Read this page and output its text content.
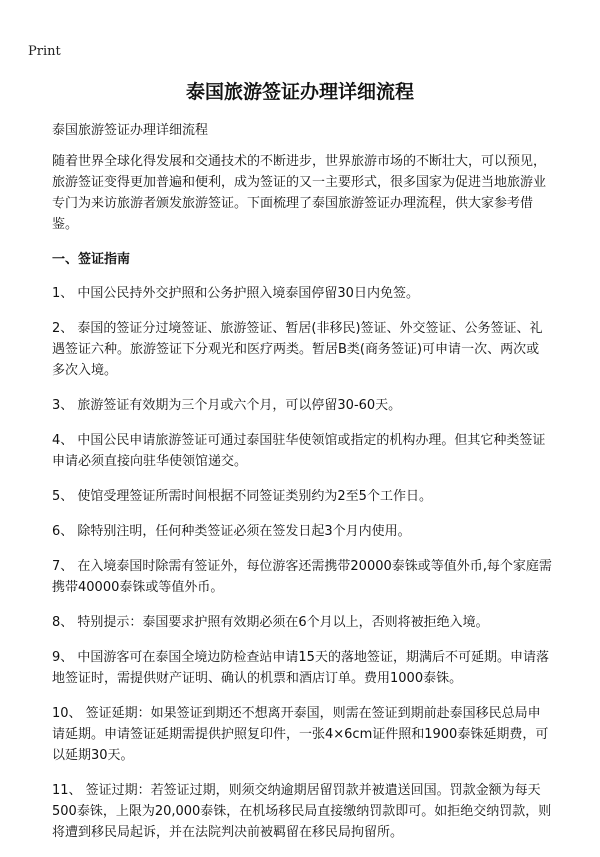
Print
泰国旅游签证办理详细流程

泰国旅游签证办理详细流程

随着世界全球化得发展和交通技术的不断进步，世界旅游市场的不断壮大，可以预见，旅游签证变得更加普遍和便利，成为签证的又一主要形式，很多国家为促进当地旅游业专门为来访旅游者颁发旅游签证。下面梳理了泰国旅游签证办理流程，供大家参考借鉴。

一、签证指南

1、 中国公民持外交护照和公务护照入境泰国停留30日内免签。

2、 泰国的签证分过境签证、旅游签证、暂居(非移民)签证、外交签证、公务签证、礼遇签证六种。旅游签证下分观光和医疗两类。暂居B类(商务签证)可申请一次、两次或多次入境。

3、 旅游签证有效期为三个月或六个月，可以停留30-60天。

4、 中国公民申请旅游签证可通过泰国驻华使领馆或指定的机构办理。但其它种类签证申请必须直接向驻华使领馆递交。

5、 使馆受理签证所需时间根据不同签证类别约为2至5个工作日。

6、 除特别注明，任何种类签证必须在签发日起3个月内使用。

7、 在入境泰国时除需有签证外，每位游客还需携带20000泰铢或等值外币,每个家庭需携带40000泰铢或等值外币。

8、 特别提示：泰国要求护照有效期必须在6个月以上，否则将被拒绝入境。

9、 中国游客可在泰国全境边防检查站申请15天的落地签证，期满后不可延期。申请落地签证时，需提供财产证明、确认的机票和酒店订单。费用1000泰铢。

10、 签证延期：如果签证到期还不想离开泰国，则需在签证到期前赴泰国移民总局申请延期。申请签证延期需提供护照复印件，一张4×6cm证件照和1900泰铢延期费，可以延期30天。

11、 签证过期：若签证过期，则须交纳逾期居留罚款并被遣送回国。罚款金额为每天500泰铢，上限为20,000泰铢，在机场移民局直接缴纳罚款即可。如拒绝交纳罚款，则将遭到移民局起诉，并在法院判决前被羁留在移民局拘留所。
